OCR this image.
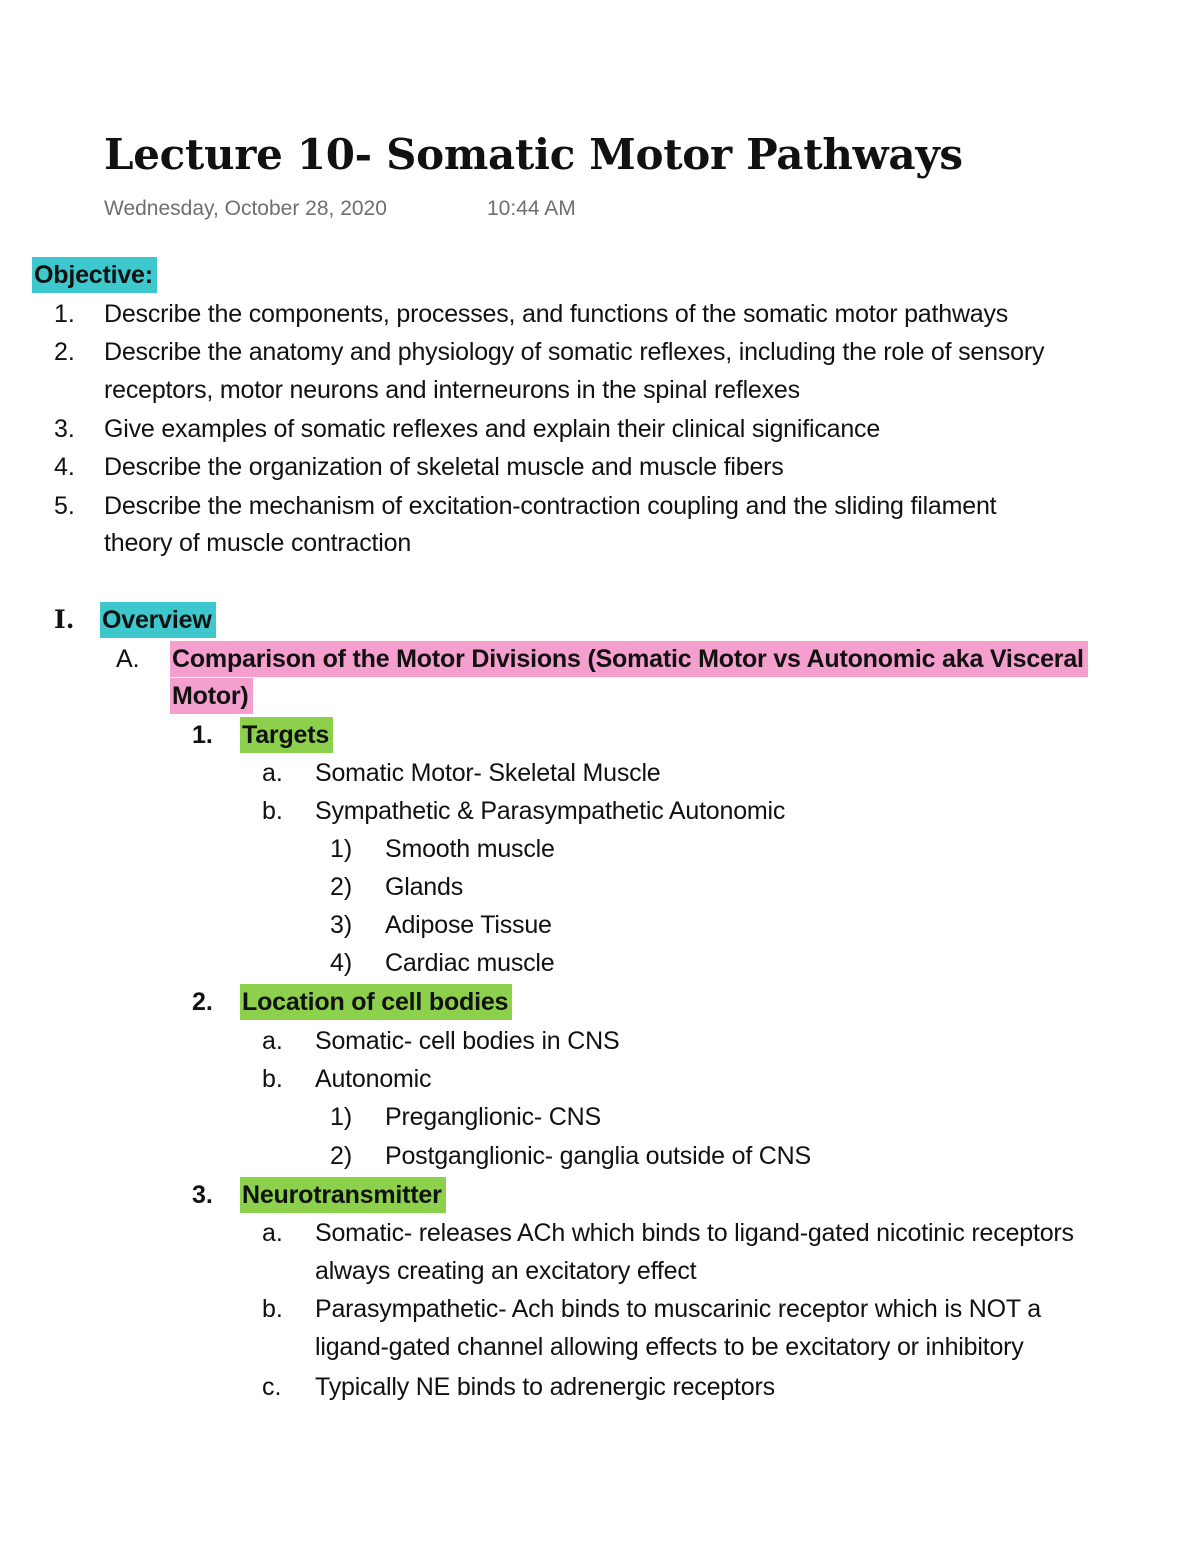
Lecture 10- Somatic Motor Pathways
Wednesday, October 28, 2020	10:44 AM
Objective:
1. Describe the components, processes, and functions of the somatic motor pathways
2. Describe the anatomy and physiology of somatic reflexes, including the role of sensory
receptors, motor neurons and interneurons in the spinal reflexes
3. Give examples of somatic reflexes and explain their clinical significance
4. Describe the organization of skeletal muscle and muscle fibers
5. Describe the mechanism of excitation-contraction coupling and the sliding filament
theory of muscle contraction
I. Overview
A. Comparison of the Motor Divisions (Somatic Motor vs Autonomic aka Visceral
Motor)
1. Targets
a. Somatic Motor- Skeletal Muscle
b. Sympathetic & Parasympathetic Autonomic
1) Smooth muscle
2) Glands
3) Adipose Tissue
4) Cardiac muscle
2. Location of cell bodies
a. Somatic- cell bodies in CNS
b. Autonomic
1) Preganglionic- CNS
2) Postganglionic- ganglia outside of CNS
3. Neurotransmitter
a. Somatic- releases ACh which binds to ligand-gated nicotinic receptors
always creating an excitatory effect
b. Parasympathetic- Ach binds to muscarinic receptor which is NOT a
ligand-gated channel allowing effects to be excitatory or inhibitory
c. Typically NE binds to adrenergic receptors
